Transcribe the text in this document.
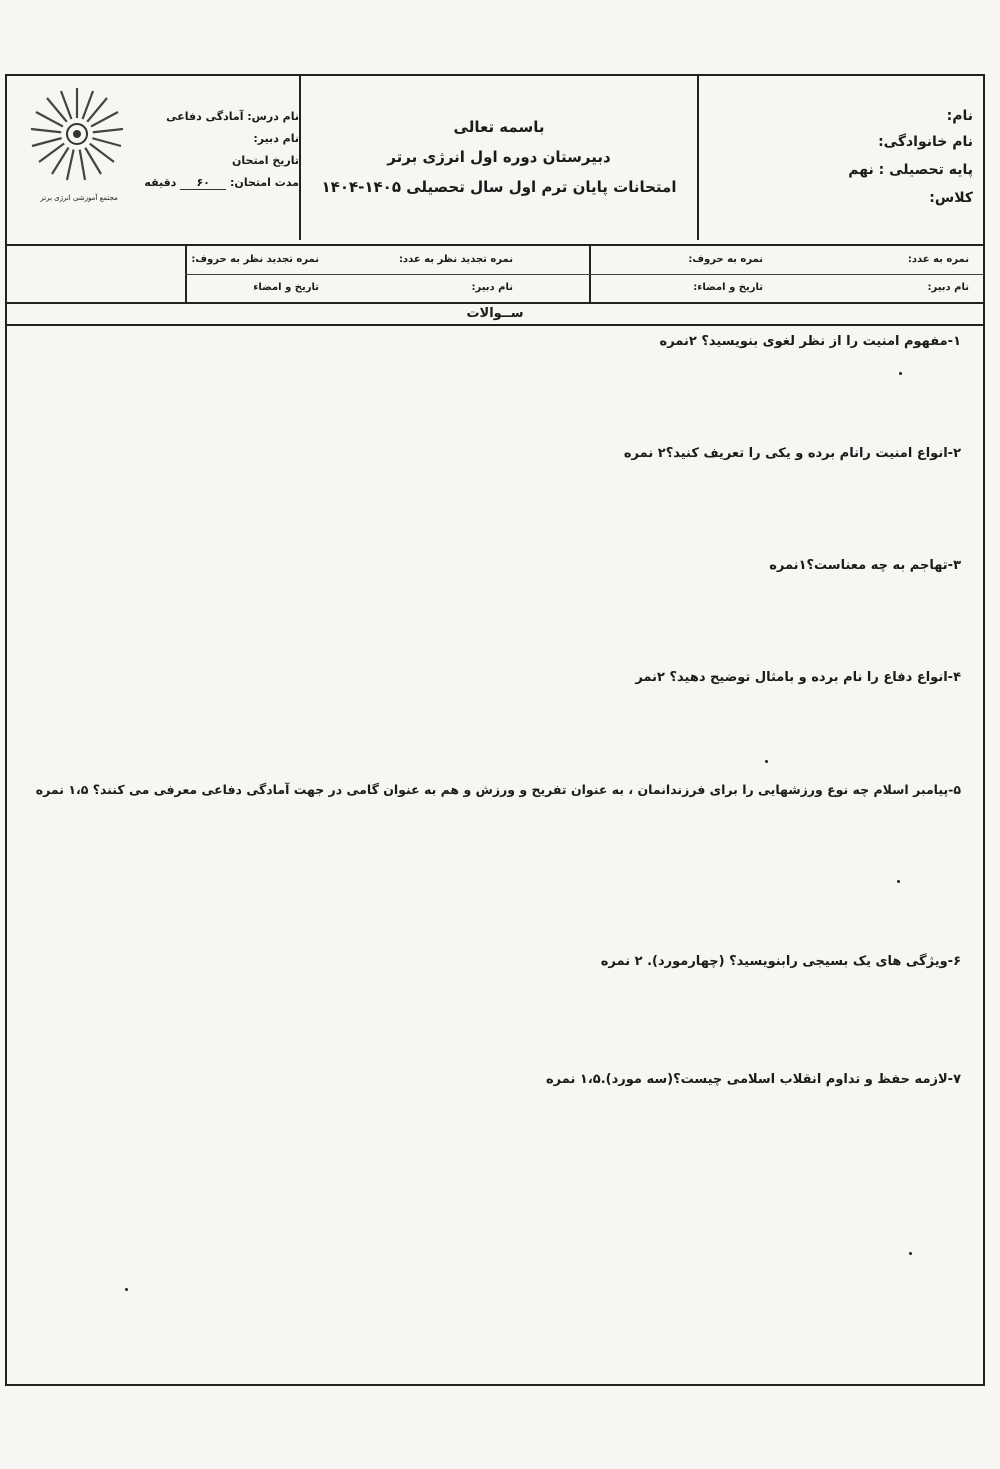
نام:
نام خانوادگی:
پایه تحصیلی : نهم
کلاس:
باسمه تعالی
دبیرستان دوره اول انرژی برتر
امتحانات پایان ترم اول سال تحصیلی ۱۴۰۵-۱۴۰۴
مجتمع آموزشی انرژی برتر
نام درس: آمادگی دفاعی
نام دبیر:
تاریخ امتحان
مدت امتحان: ۶۰ دقیقه
نمره به عدد:
نمره به حروف:
نمره تجدید نظر به عدد:
نمره تجدید نظر به حروف:
نام دبیر:
تاریخ و امضاء:
نام دبیر:
تاریخ و امضاء
ســوالات
۱-مفهوم امنیت را از نظر لغوی بنویسید؟ ۲نمره
۲-انواع امنیت رانام برده و یکی را تعریف کنید؟۲ نمره
۳-تهاجم به چه معناست؟۱نمره
۴-انواع دفاع را نام برده و بامثال توضیح دهید؟ ۲نمر
۵-پیامبر اسلام چه نوع ورزشهایی را برای فرزندانمان ، به عنوان تفریح و ورزش و هم به عنوان گامی در جهت آمادگی دفاعی معرفی می کنند؟ ۱،۵ نمره
۶-ویژگی های یک بسیجی رابنویسید؟ (چهارمورد). ۲ نمره
۷-لازمه حفظ و تداوم انقلاب اسلامی چیست؟(سه مورد).۱،۵ نمره
